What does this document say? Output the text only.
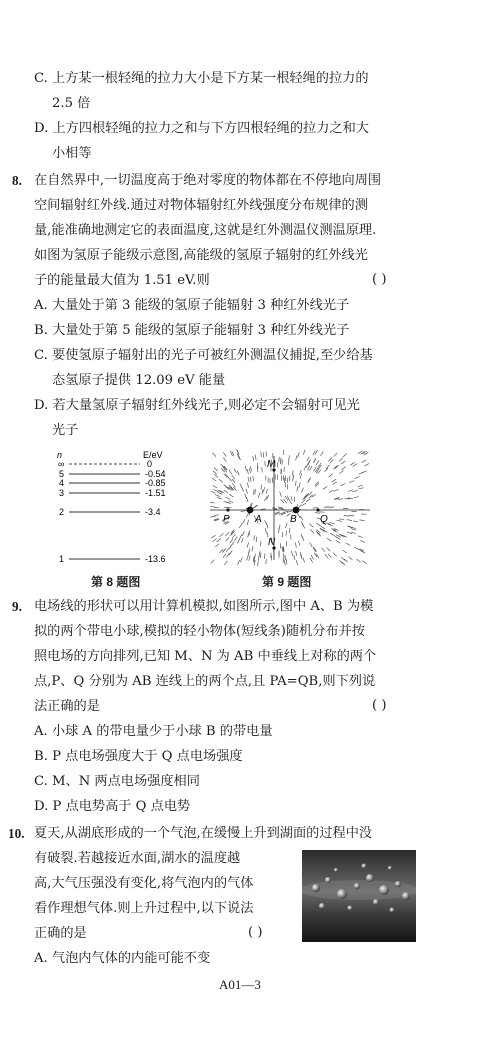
C. 上方某一根轻绳的拉力大小是下方某一根轻绳的拉力的
2.5 倍
D. 上方四根轻绳的拉力之和与下方四根轻绳的拉力之和大
小相等
8. 在自然界中,一切温度高于绝对零度的物体都在不停地向周围
空间辐射红外线.通过对物体辐射红外线强度分布规律的测
量,能准确地测定它的表面温度,这就是红外测温仪测温原理.
如图为氢原子能级示意图,高能级的氢原子辐射的红外线光
子的能量最大值为 1.51 eV.则	( )
A. 大量处于第 3 能级的氢原子能辐射 3 种红外线光子
B. 大量处于第 5 能级的氢原子能辐射 3 种红外线光子
C. 要使氢原子辐射出的光子可被红外测温仪捕捉,至少给基
态氢原子提供 12.09 eV 能量
D. 若大量氢原子辐射红外线光子,则必定不会辐射可见光
光子
n	E/eV
∞	0
5	-0.54
4	-0.85
3	-1.51
2	-3.4
1	-13.6
M
N
P	A	B Q
第 8 题图	第 9 题图
9. 电场线的形状可以用计算机模拟,如图所示,图中 A、B 为模
拟的两个带电小球,模拟的轻小物体(短线条)随机分布并按
照电场的方向排列,已知 M、N 为 AB 中垂线上对称的两个
点,P、Q 分别为 AB 连线上的两个点,且 PA=QB,则下列说
法正确的是	( )
A. 小球 A 的带电量少于小球 B 的带电量
B. P 点电场强度大于 Q 点电场强度
C. M、N 两点电场强度相同
D. P 点电势高于 Q 点电势
10. 夏天,从湖底形成的一个气泡,在缓慢上升到湖面的过程中没
有破裂.若越接近水面,湖水的温度越
高,大气压强没有变化,将气泡内的气体
看作理想气体.则上升过程中,以下说法
正确的是	( )
A. 气泡内气体的内能可能不变
A01—3
